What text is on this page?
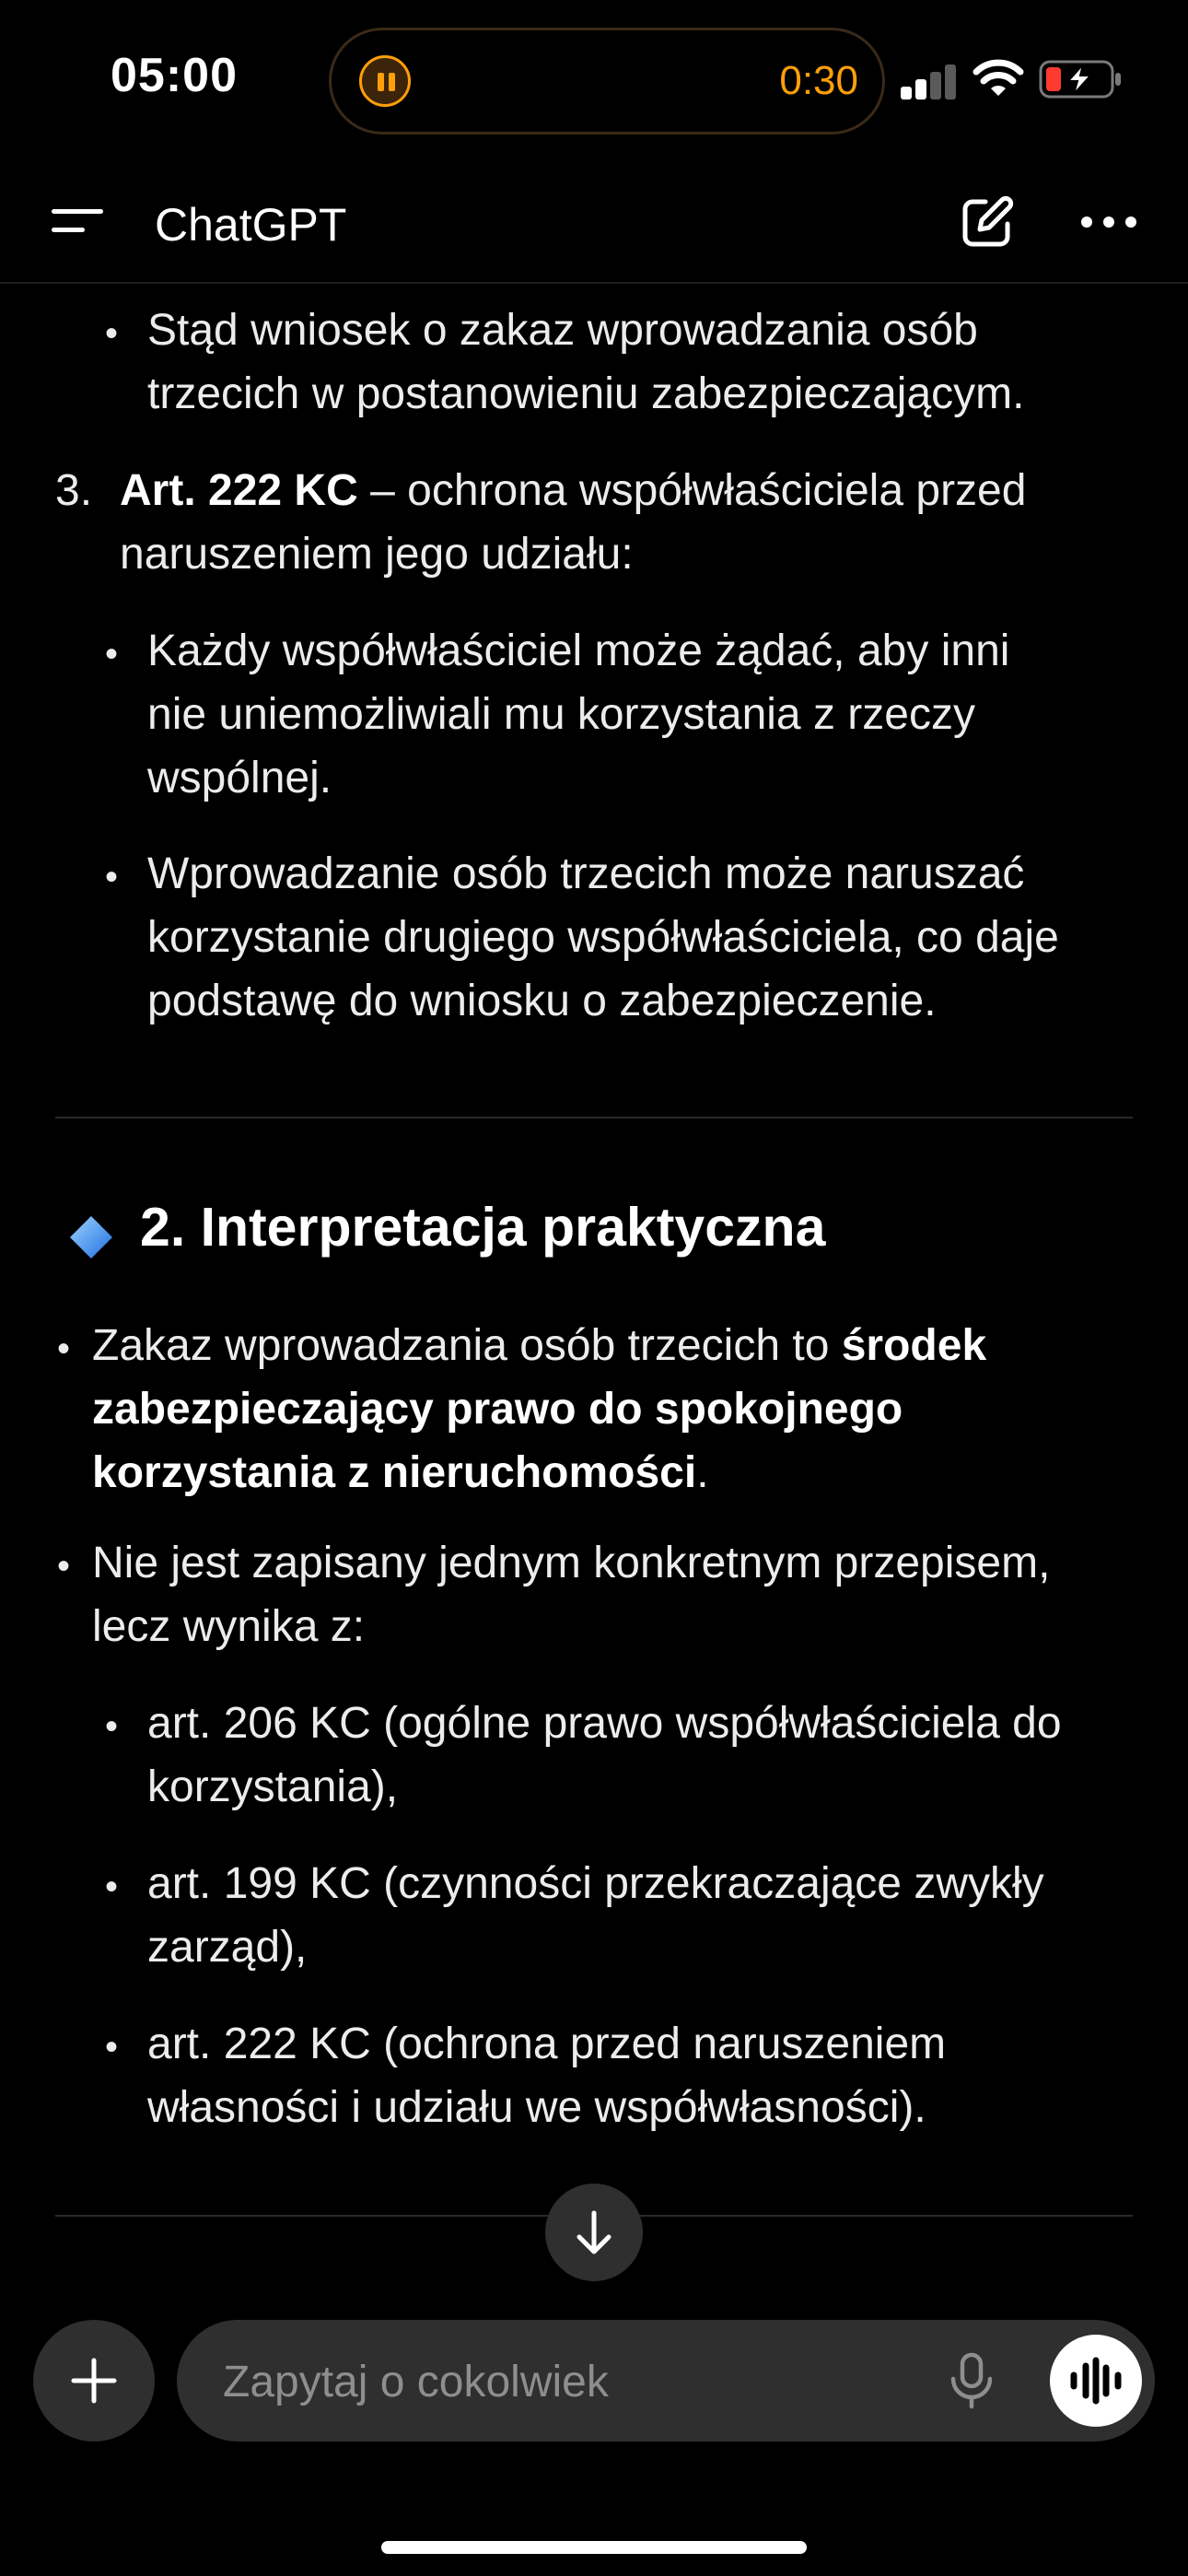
05:00	0:30
ChatGPT
• Stąd wniosek o zakaz wprowadzania osób
trzecich w postanowieniu zabezpieczającym.
3. Art. 222 KC – ochrona współwłaściciela przed
naruszeniem jego udziału:
• Każdy współwłaściciel może żądać, aby inni
nie uniemożliwiali mu korzystania z rzeczy
wspólnej.
• Wprowadzanie osób trzecich może naruszać
korzystanie drugiego współwłaściciela, co daje
podstawę do wniosku o zabezpieczenie.
2. Interpretacja praktyczna
• Zakaz wprowadzania osób trzecich to środek
zabezpieczający prawo do spokojnego
korzystania z nieruchomości.
• Nie jest zapisany jednym konkretnym przepisem,
lecz wynika z:
• art. 206 KC (ogólne prawo współwłaściciela do
korzystania),
• art. 199 KC (czynności przekraczające zwykły
zarząd),
• art. 222 KC (ochrona przed naruszeniem
własności i udziału we współwłasności).
Zapytaj o cokolwiek
